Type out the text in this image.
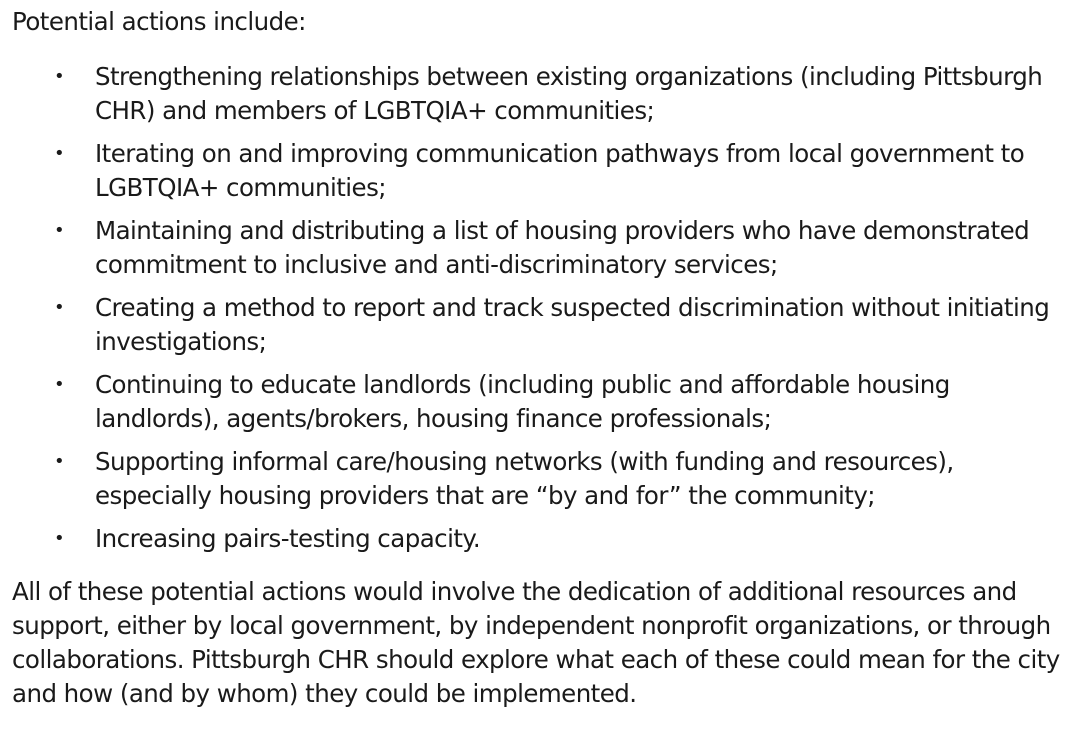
Potential actions include:

• Strengthening relationships between existing organizations (including Pittsburgh CHR) and members of LGBTQIA+ communities;
• Iterating on and improving communication pathways from local government to LGBTQIA+ communities;
• Maintaining and distributing a list of housing providers who have demonstrated commitment to inclusive and anti-discriminatory services;
• Creating a method to report and track suspected discrimination without initiating investigations;
• Continuing to educate landlords (including public and affordable housing landlords), agents/brokers, housing finance professionals;
• Supporting informal care/housing networks (with funding and resources), especially housing providers that are “by and for” the community;
• Increasing pairs-testing capacity.

All of these potential actions would involve the dedication of additional resources and support, either by local government, by independent nonprofit organizations, or through collaborations. Pittsburgh CHR should explore what each of these could mean for the city and how (and by whom) they could be implemented.
